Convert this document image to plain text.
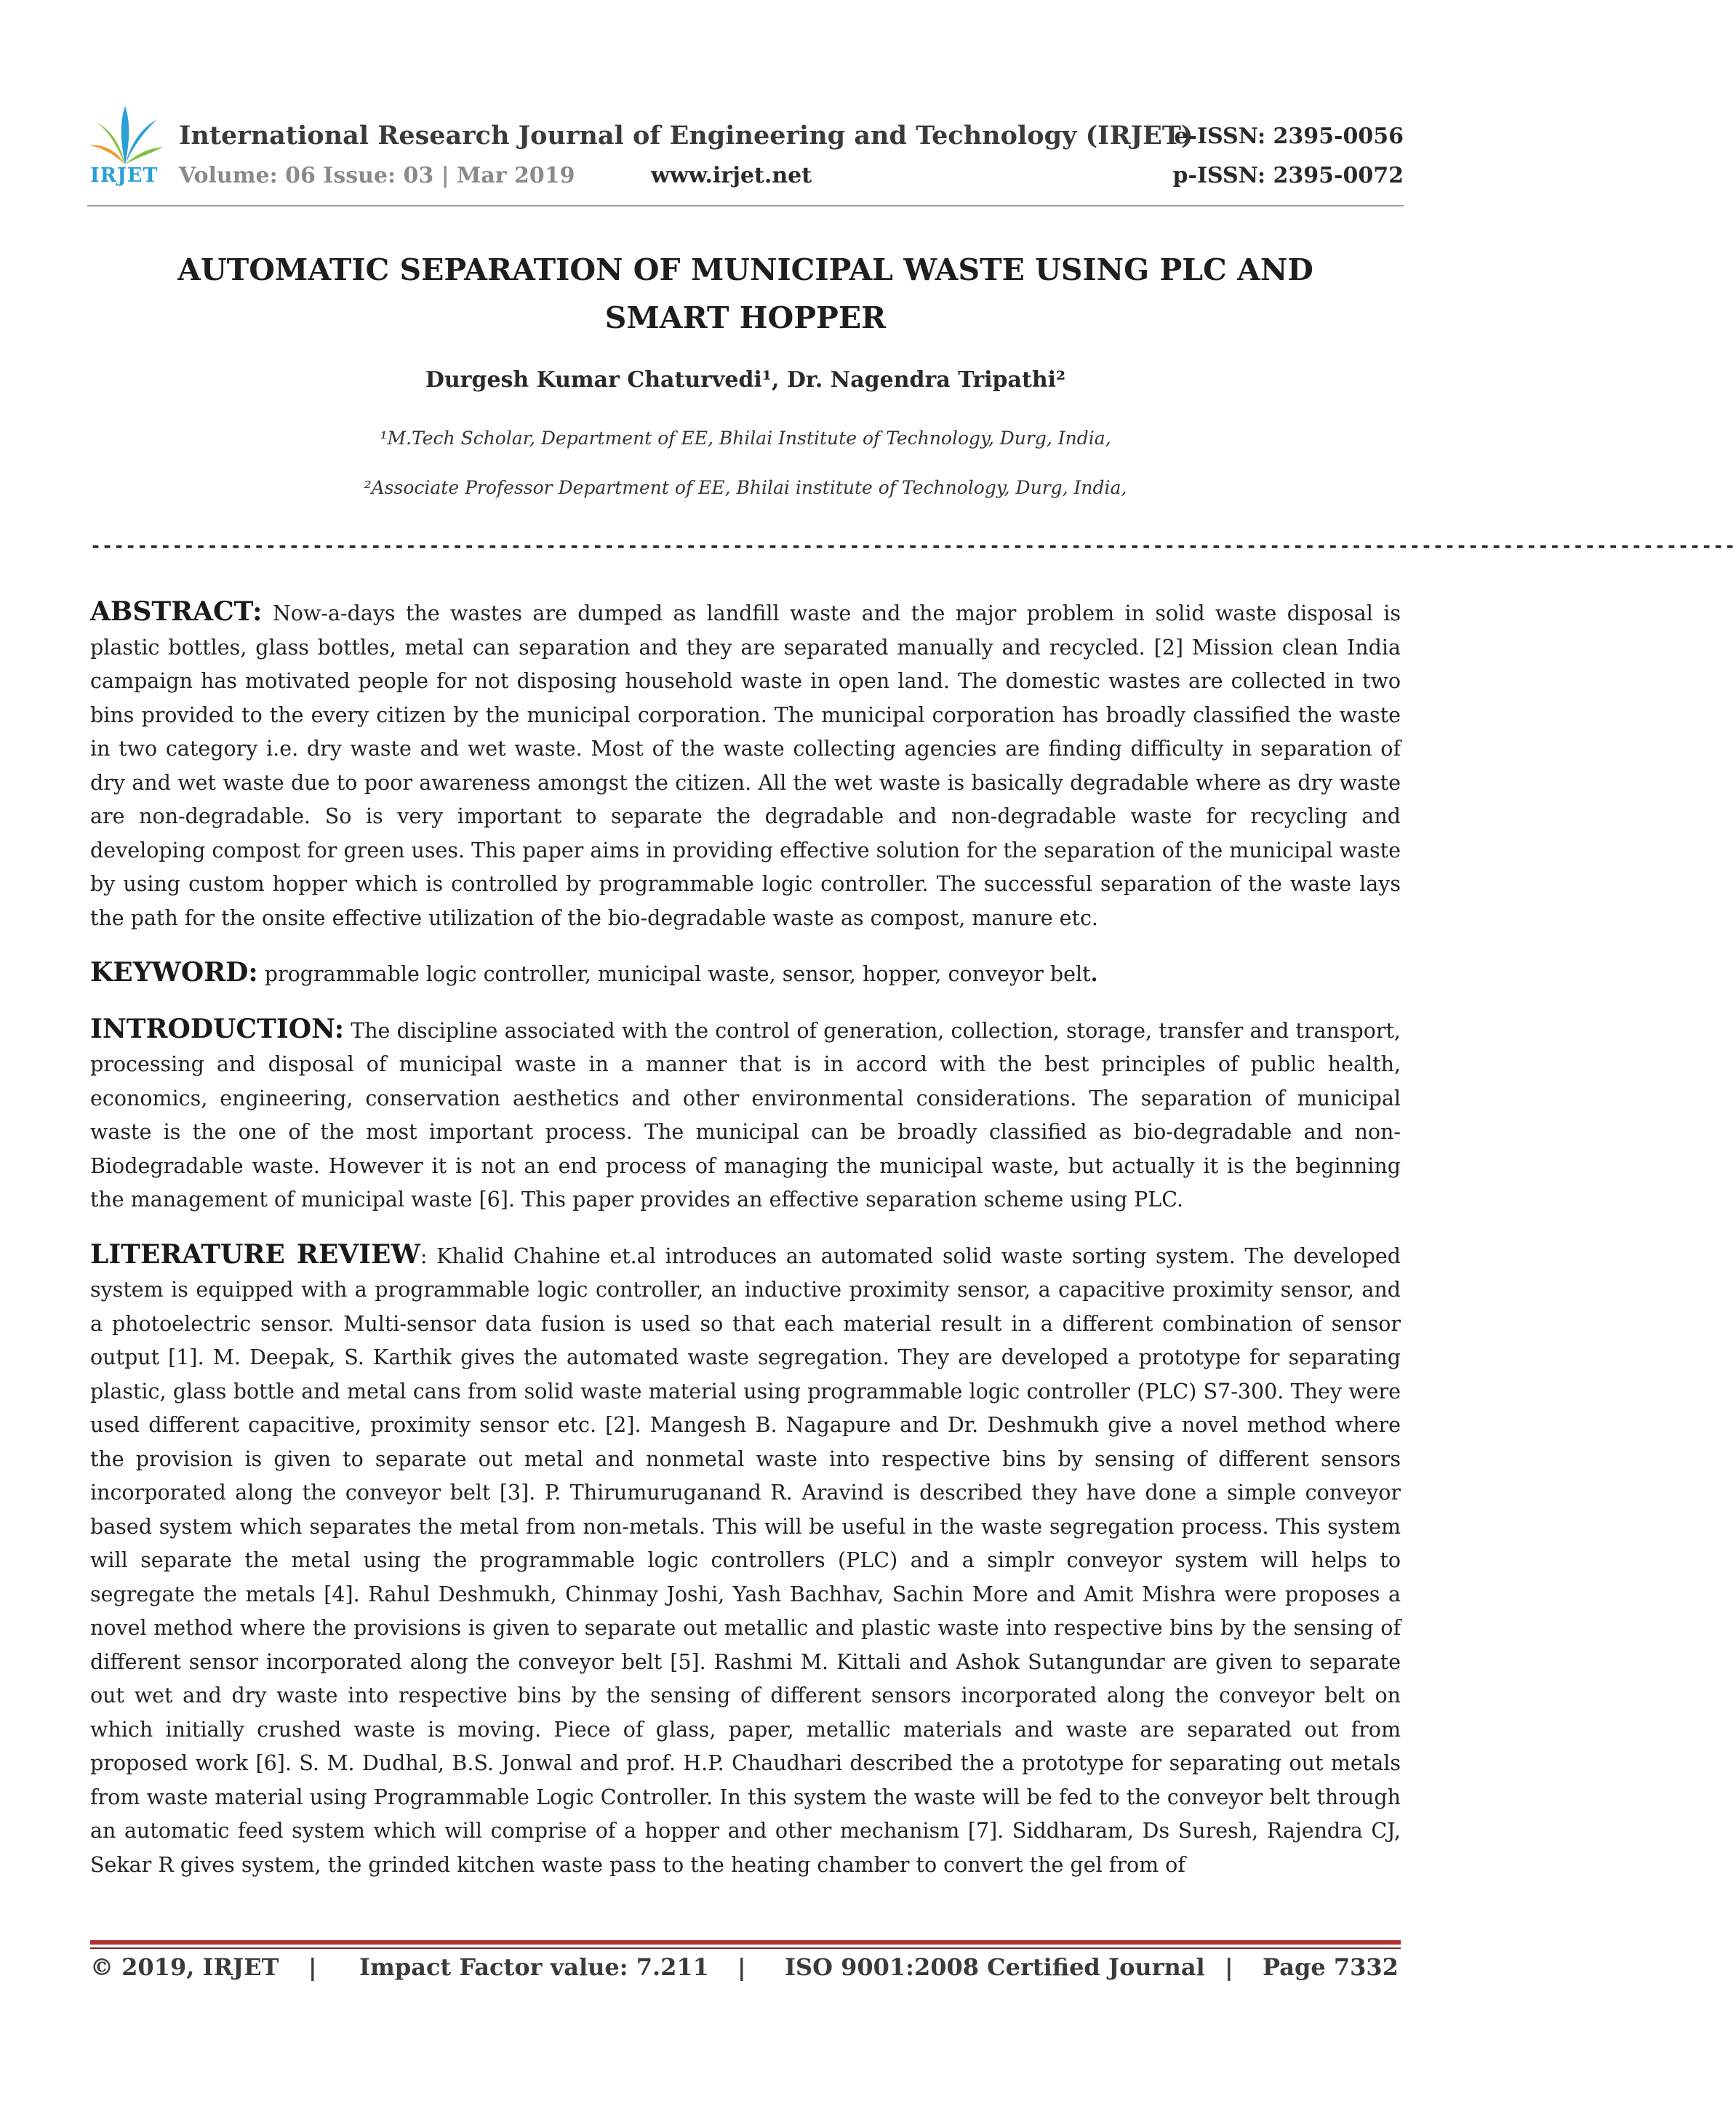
IRJET
International Research Journal of Engineering and Technology (IRJET)
e-ISSN: 2395-0056
Volume: 06 Issue: 03 | Mar 2019	www.irjet.net	p-ISSN: 2395-0072
AUTOMATIC SEPARATION OF MUNICIPAL WASTE USING PLC AND SMART HOPPER
Durgesh Kumar Chaturvedi¹, Dr. Nagendra Tripathi²
¹M.Tech Scholar, Department of EE, Bhilai Institute of Technology, Durg, India,
²Associate Professor Department of EE, Bhilai institute of Technology, Durg, India,
---------------------------------------------------------------------------------------------------------------------------------------------

ABSTRACT: Now-a-days the wastes are dumped as landfill waste and the major problem in solid waste disposal is plastic bottles, glass bottles, metal can separation and they are separated manually and recycled. [2] Mission clean India campaign has motivated people for not disposing household waste in open land. The domestic wastes are collected in two bins provided to the every citizen by the municipal corporation. The municipal corporation has broadly classified the waste in two category i.e. dry waste and wet waste. Most of the waste collecting agencies are finding difficulty in separation of dry and wet waste due to poor awareness amongst the citizen. All the wet waste is basically degradable where as dry waste are non-degradable. So is very important to separate the degradable and non-degradable waste for recycling and developing compost for green uses. This paper aims in providing effective solution for the separation of the municipal waste by using custom hopper which is controlled by programmable logic controller. The successful separation of the waste lays the path for the onsite effective utilization of the bio-degradable waste as compost, manure etc.

KEYWORD: programmable logic controller, municipal waste, sensor, hopper, conveyor belt.

INTRODUCTION: The discipline associated with the control of generation, collection, storage, transfer and transport, processing and disposal of municipal waste in a manner that is in accord with the best principles of public health, economics, engineering, conservation aesthetics and other environmental considerations. The separation of municipal waste is the one of the most important process. The municipal can be broadly classified as bio-degradable and non-Biodegradable waste. However it is not an end process of managing the municipal waste, but actually it is the beginning the management of municipal waste [6]. This paper provides an effective separation scheme using PLC.

LITERATURE REVIEW: Khalid Chahine et.al introduces an automated solid waste sorting system. The developed system is equipped with a programmable logic controller, an inductive proximity sensor, a capacitive proximity sensor, and a photoelectric sensor. Multi-sensor data fusion is used so that each material result in a different combination of sensor output [1]. M. Deepak, S. Karthik gives the automated waste segregation. They are developed a prototype for separating plastic, glass bottle and metal cans from solid waste material using programmable logic controller (PLC) S7-300. They were used different capacitive, proximity sensor etc. [2]. Mangesh B. Nagapure and Dr. Deshmukh give a novel method where the provision is given to separate out metal and nonmetal waste into respective bins by sensing of different sensors incorporated along the conveyor belt [3]. P. Thirumuruganand R. Aravind is described they have done a simple conveyor based system which separates the metal from non-metals. This will be useful in the waste segregation process. This system will separate the metal using the programmable logic controllers (PLC) and a simplr conveyor system will helps to segregate the metals [4]. Rahul Deshmukh, Chinmay Joshi, Yash Bachhav, Sachin More and Amit Mishra were proposes a novel method where the provisions is given to separate out metallic and plastic waste into respective bins by the sensing of different sensor incorporated along the conveyor belt [5]. Rashmi M. Kittali and Ashok Sutangundar are given to separate out wet and dry waste into respective bins by the sensing of different sensors incorporated along the conveyor belt on which initially crushed waste is moving. Piece of glass, paper, metallic materials and waste are separated out from proposed work [6]. S. M. Dudhal, B.S. Jonwal and prof. H.P. Chaudhari described the a prototype for separating out metals from waste material using Programmable Logic Controller. In this system the waste will be fed to the conveyor belt through an automatic feed system which will comprise of a hopper and other mechanism [7]. Siddharam, Ds Suresh, Rajendra CJ, Sekar R gives system, the grinded kitchen waste pass to the heating chamber to convert the gel from of

© 2019, IRJET | Impact Factor value: 7.211 | ISO 9001:2008 Certified Journal | Page 7332
